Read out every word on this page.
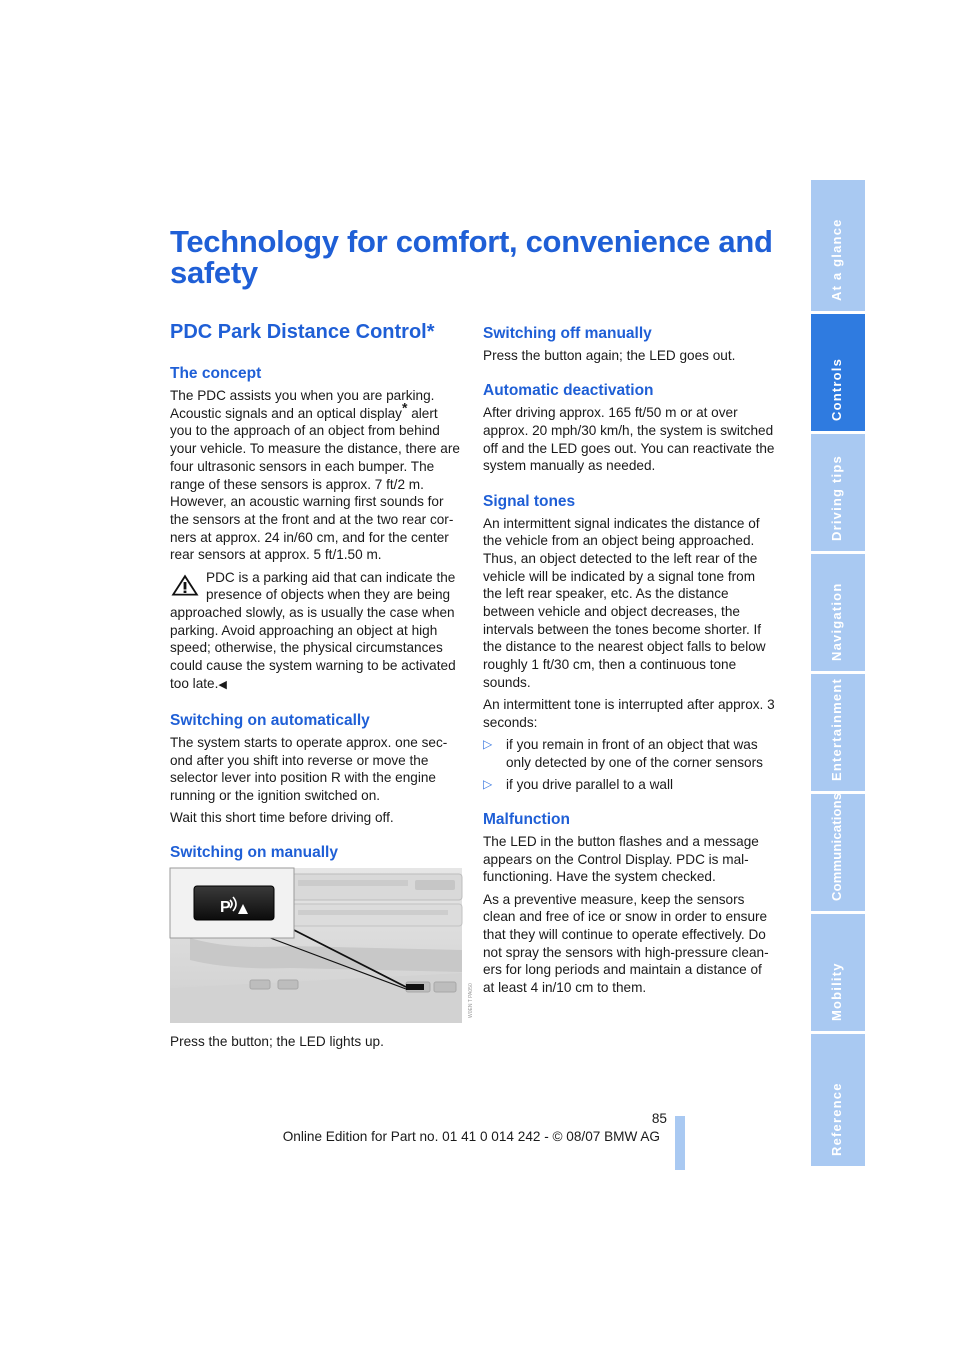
Technology for comfort, convenience and safety
PDC Park Distance Control*
The concept

The PDC assists you when you are parking. Acoustic signals and an optical display* alert you to the approach of an object from behind your vehicle. To measure the distance, there are four ultrasonic sensors in each bumper. The range of these sensors is approx. 7 ft/2 m. However, an acoustic warning first sounds for the sensors at the front and at the two rear cor-ners at approx. 24 in/60 cm, and for the center rear sensors at approx. 5 ft/1.50 m.

PDC is a parking aid that can indicate the presence of objects when they are being approached slowly, as is usually the case when parking. Avoid approaching an object at high speed; otherwise, the physical circumstances could cause the system warning to be activated too late.◀
Switching on automatically

The system starts to operate approx. one sec-ond after you shift into reverse or move the selector lever into position R with the engine running or the ignition switched on.

Wait this short time before driving off.

Switching on manually
P
W0EN T PA050

Press the button; the LED lights up.

Switching off manually

Press the button again; the LED goes out.

Automatic deactivation

After driving approx. 165 ft/50 m or at over approx. 20 mph/30 km/h, the system is switched off and the LED goes out. You can reactivate the system manually as needed.

Signal tones

An intermittent signal indicates the distance of the vehicle from an object being approached. Thus, an object detected to the left rear of the vehicle will be indicated by a signal tone from the left rear speaker, etc. As the distance between vehicle and object decreases, the intervals between the tones become shorter. If the distance to the nearest object falls to below roughly 1 ft/30 cm, then a continuous tone sounds.

An intermittent tone is interrupted after approx. 3 seconds:

▷ if you remain in front of an object that was only detected by one of the corner sensors
▷ if you drive parallel to a wall
Malfunction

The LED in the button flashes and a message appears on the Control Display. PDC is mal-functioning. Have the system checked.

As a preventive measure, keep the sensors clean and free of ice or snow in order to ensure that they will continue to operate effectively. Do not spray the sensors with high-pressure clean-ers for long periods and maintain a distance of at least 4 in/10 cm to them.

At a glance
Controls
Driving tips
Navigation
Entertainment
Communications
Mobility
Reference
85
Online Edition for Part no. 01 41 0 014 242 - © 08/07 BMW AG
